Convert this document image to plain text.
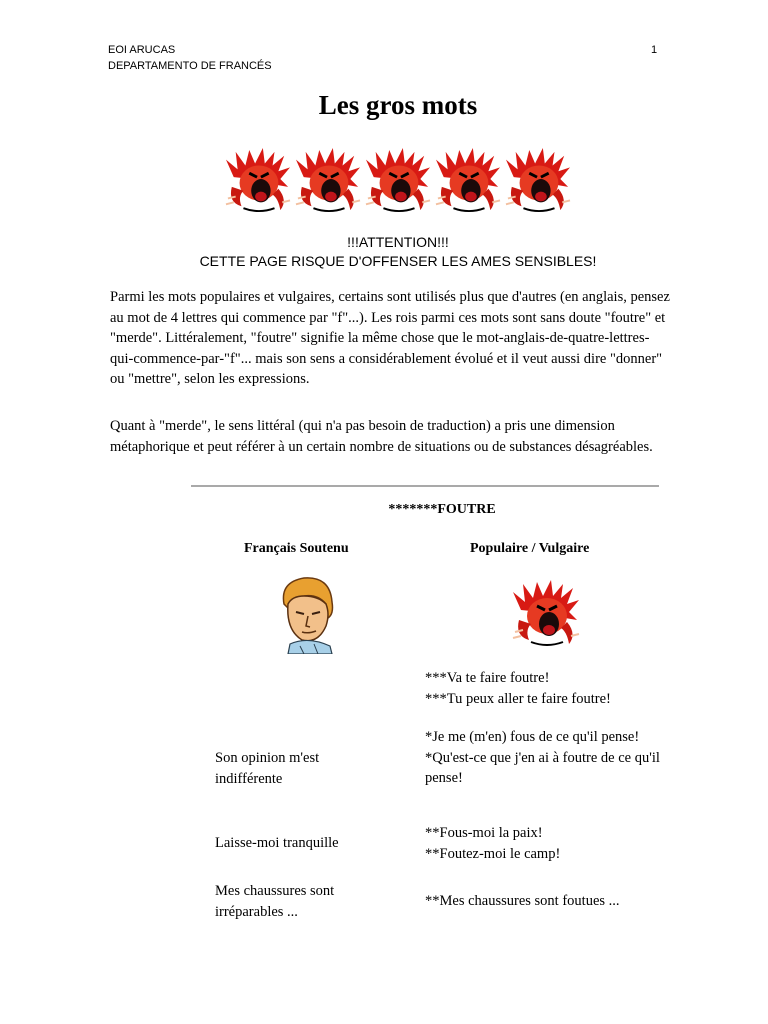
EOI ARUCAS
DEPARTAMENTO DE FRANCÉS
1
Les gros mots
!!!ATTENTION!!!
CETTE PAGE RISQUE D'OFFENSER LES AMES SENSIBLES!

Parmi les mots populaires et vulgaires, certains sont utilisés plus que d'autres (en anglais, pensez au mot de 4 lettres qui commence par "f"...). Les rois parmi ces mots sont sans doute "foutre" et "merde". Littéralement, "foutre" signifie la même chose que le mot-anglais-de-quatre-lettres-qui-commence-par-"f"... mais son sens a considérablement évolué et il veut aussi dire "donner" ou "mettre", selon les expressions.

Quant à "merde", le sens littéral (qui n'a pas besoin de traduction) a pris une dimension métaphorique et peut référer à un certain nombre de situations ou de substances désagréables.

*******FOUTRE
Français Soutenu	Populaire / Vulgaire
***Va te faire foutre!
***Tu peux aller te faire foutre!
Son opinion m'est indifférente
*Je me (m'en) fous de ce qu'il pense!
*Qu'est-ce que j'en ai à foutre de ce qu'il pense!
Laisse-moi tranquille
**Fous-moi la paix!
**Foutez-moi le camp!
Mes chaussures sont irréparables ...
**Mes chaussures sont foutues ...
